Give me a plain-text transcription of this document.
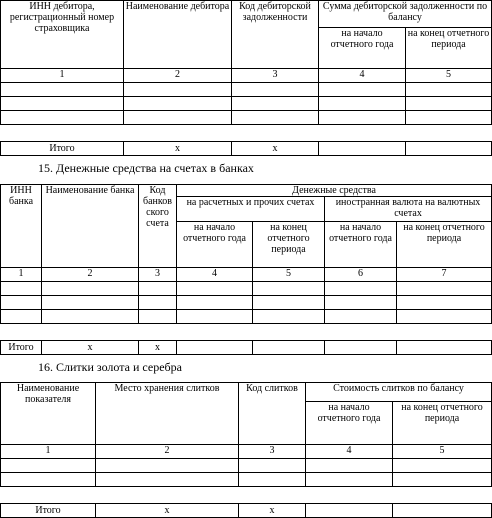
ИНН дебитора, регистрационный номер страховщика	Наименование дебитора	Код дебиторской задолженности	Сумма дебиторской задолженности по балансу	
			на начало отчетного года	на конец отчетного периода
1	2	3	4	5

Итого	x	x		
15. Денежные средства на счетах в банках
ИНН банка	Наименование банка	Код банков ского счета	Денежные средства			
			на расчетных и прочих счетах		иностранная валюта на валютных счетах	
			на начало отчетного года	на конец отчетного периода	на начало отчетного года	на конец отчетного периода
1	2	3	4	5	6	7

Итого	x	x				
16. Слитки золота и серебра
Наименование показателя	Место хранения слитков	Код слитков	Стоимость слитков по балансу	
			на начало отчетного года	на конец отчетного периода
1	2	3	4	5

Итого	x	x		
